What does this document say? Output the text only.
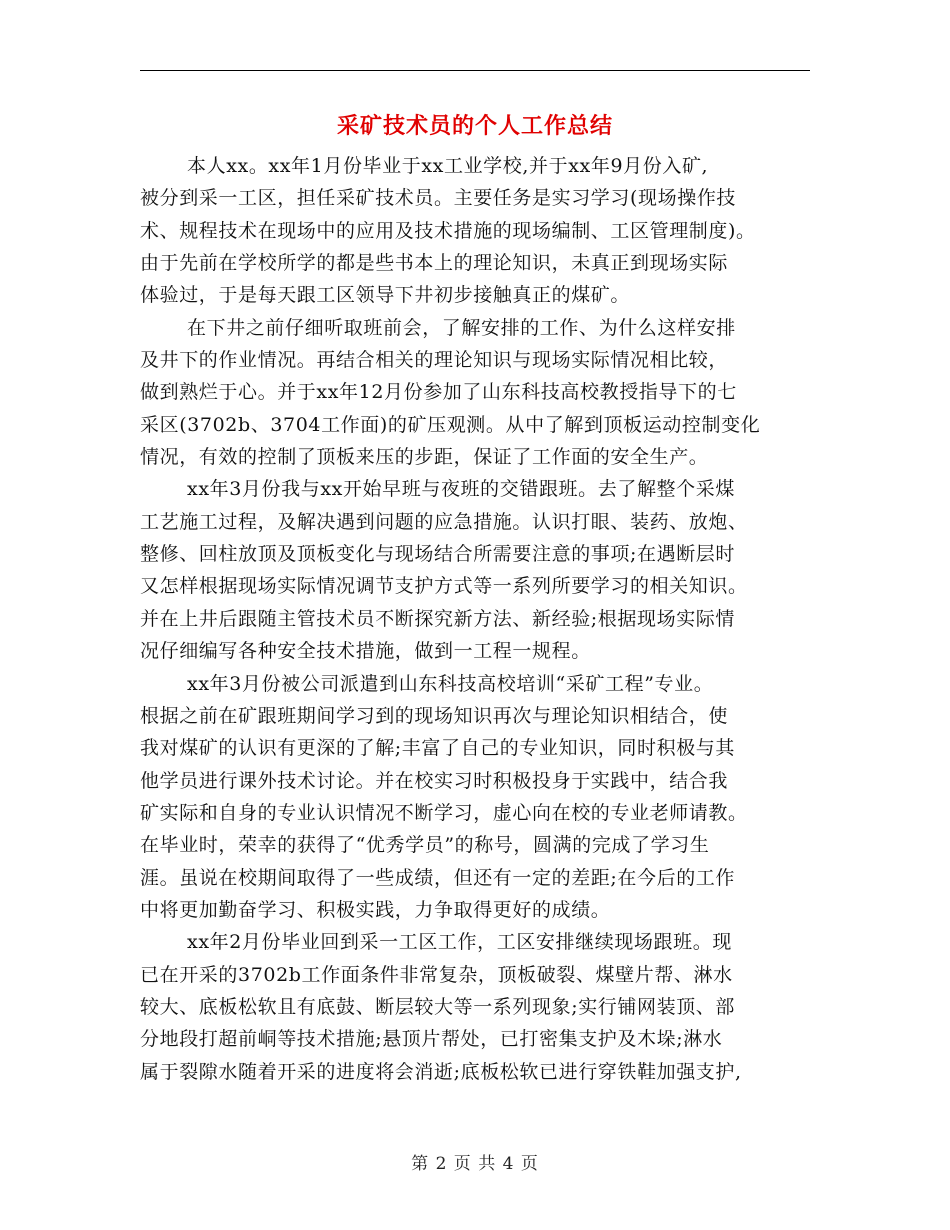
采矿技术员的个人工作总结
本人xx。xx年1月份毕业于xx工业学校,并于xx年9月份入矿,
被分到采一工区，担任采矿技术员。主要任务是实习学习(现场操作技
术、规程技术在现场中的应用及技术措施的现场编制、工区管理制度)。
由于先前在学校所学的都是些书本上的理论知识，未真正到现场实际
体验过，于是每天跟工区领导下井初步接触真正的煤矿。
在下井之前仔细听取班前会，了解安排的工作、为什么这样安排
及井下的作业情况。再结合相关的理论知识与现场实际情况相比较，
做到熟烂于心。并于xx年12月份参加了山东科技高校教授指导下的七
采区(3702b、3704工作面)的矿压观测。从中了解到顶板运动控制变化
情况，有效的控制了顶板来压的步距，保证了工作面的安全生产。
xx年3月份我与xx开始早班与夜班的交错跟班。去了解整个采煤
工艺施工过程，及解决遇到问题的应急措施。认识打眼、装药、放炮、
整修、回柱放顶及顶板变化与现场结合所需要注意的事项;在遇断层时
又怎样根据现场实际情况调节支护方式等一系列所要学习的相关知识。
并在上井后跟随主管技术员不断探究新方法、新经验;根据现场实际情
况仔细编写各种安全技术措施，做到一工程一规程。
xx年3月份被公司派遣到山东科技高校培训“采矿工程”专业。
根据之前在矿跟班期间学习到的现场知识再次与理论知识相结合，使
我对煤矿的认识有更深的了解;丰富了自己的专业知识，同时积极与其
他学员进行课外技术讨论。并在校实习时积极投身于实践中，结合我
矿实际和自身的专业认识情况不断学习，虚心向在校的专业老师请教。
在毕业时，荣幸的获得了“优秀学员”的称号，圆满的完成了学习生
涯。虽说在校期间取得了一些成绩，但还有一定的差距;在今后的工作
中将更加勤奋学习、积极实践，力争取得更好的成绩。
xx年2月份毕业回到采一工区工作，工区安排继续现场跟班。现
已在开采的3702b工作面条件非常复杂，顶板破裂、煤壁片帮、淋水
较大、底板松软且有底鼓、断层较大等一系列现象;实行铺网装顶、部
分地段打超前峒等技术措施;悬顶片帮处，已打密集支护及木垛;淋水
属于裂隙水随着开采的进度将会消逝;底板松软已进行穿铁鞋加强支护,
第 2 页 共 4 页
